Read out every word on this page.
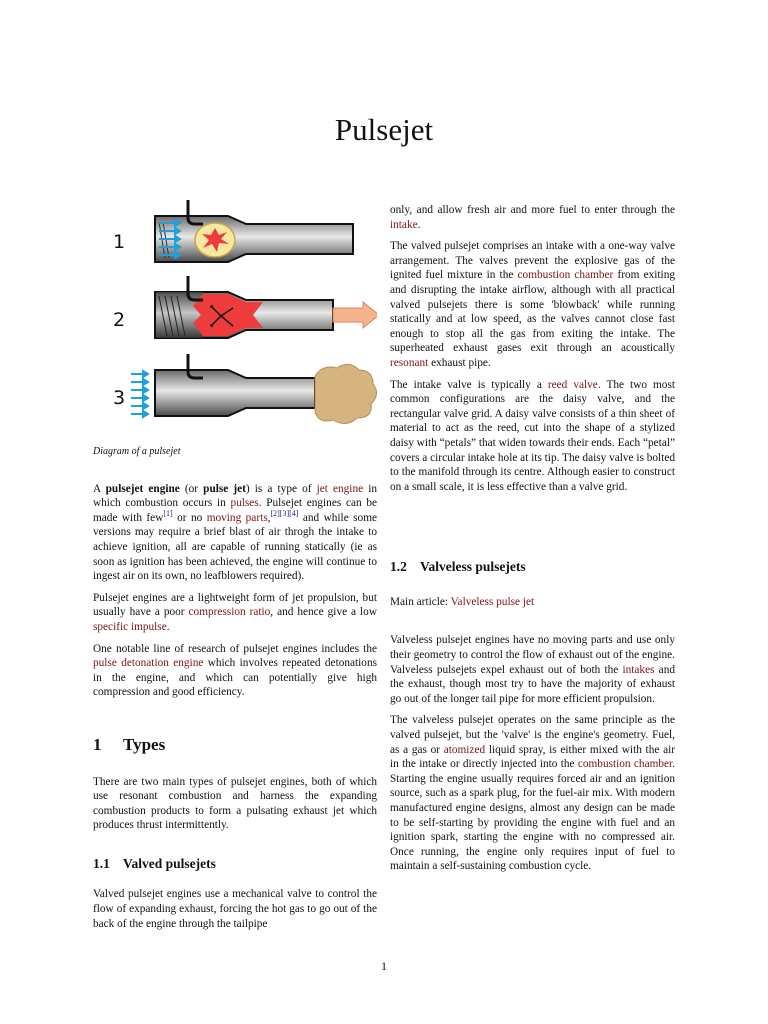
Pulsejet
1
2
3
Diagram of a pulsejet

A pulsejet engine (or pulse jet) is a type of jet engine in which combustion occurs in pulses. Pulsejet engines can be made with few[1] or no moving parts,[2][3][4] and while some versions may require a brief blast of air throgh the intake to achieve ignition, all are capable of running statically (ie as soon as ignition has been achieved, the engine will continue to ingest air on its own, no leafblowers required).

Pulsejet engines are a lightweight form of jet propulsion, but usually have a poor compression ratio, and hence give a low specific impulse.

One notable line of research of pulsejet engines includes the pulse detonation engine which involves repeated detonations in the engine, and which can potentially give high compression and good efficiency.

1 Types

There are two main types of pulsejet engines, both of which use resonant combustion and harness the expanding combustion products to form a pulsating exhaust jet which produces thrust intermittently.

1.1 Valved pulsejets

Valved pulsejet engines use a mechanical valve to control the flow of expanding exhaust, forcing the hot gas to go out of the back of the engine through the tailpipe

only, and allow fresh air and more fuel to enter through the intake.

The valved pulsejet comprises an intake with a one-way valve arrangement. The valves prevent the explosive gas of the ignited fuel mixture in the combustion chamber from exiting and disrupting the intake airflow, although with all practical valved pulsejets there is some 'blowback' while running statically and at low speed, as the valves cannot close fast enough to stop all the gas from exiting the intake. The superheated exhaust gases exit through an acoustically resonant exhaust pipe.

The intake valve is typically a reed valve. The two most common configurations are the daisy valve, and the rectangular valve grid. A daisy valve consists of a thin sheet of material to act as the reed, cut into the shape of a stylized daisy with “petals” that widen towards their ends. Each “petal” covers a circular intake hole at its tip. The daisy valve is bolted to the manifold through its centre. Although easier to construct on a small scale, it is less effective than a valve grid.

1.2 Valveless pulsejets

Main article: Valveless pulse jet

Valveless pulsejet engines have no moving parts and use only their geometry to control the flow of exhaust out of the engine. Valveless pulsejets expel exhaust out of both the intakes and the exhaust, though most try to have the majority of exhaust go out of the longer tail pipe for more efficient propulsion.

The valveless pulsejet operates on the same principle as the valved pulsejet, but the 'valve' is the engine's geometry. Fuel, as a gas or atomized liquid spray, is either mixed with the air in the intake or directly injected into the combustion chamber. Starting the engine usually requires forced air and an ignition source, such as a spark plug, for the fuel-air mix. With modern manufactured engine designs, almost any design can be made to be self-starting by providing the engine with fuel and an ignition spark, starting the engine with no compressed air. Once running, the engine only requires input of fuel to maintain a self-sustaining combustion cycle.

1
